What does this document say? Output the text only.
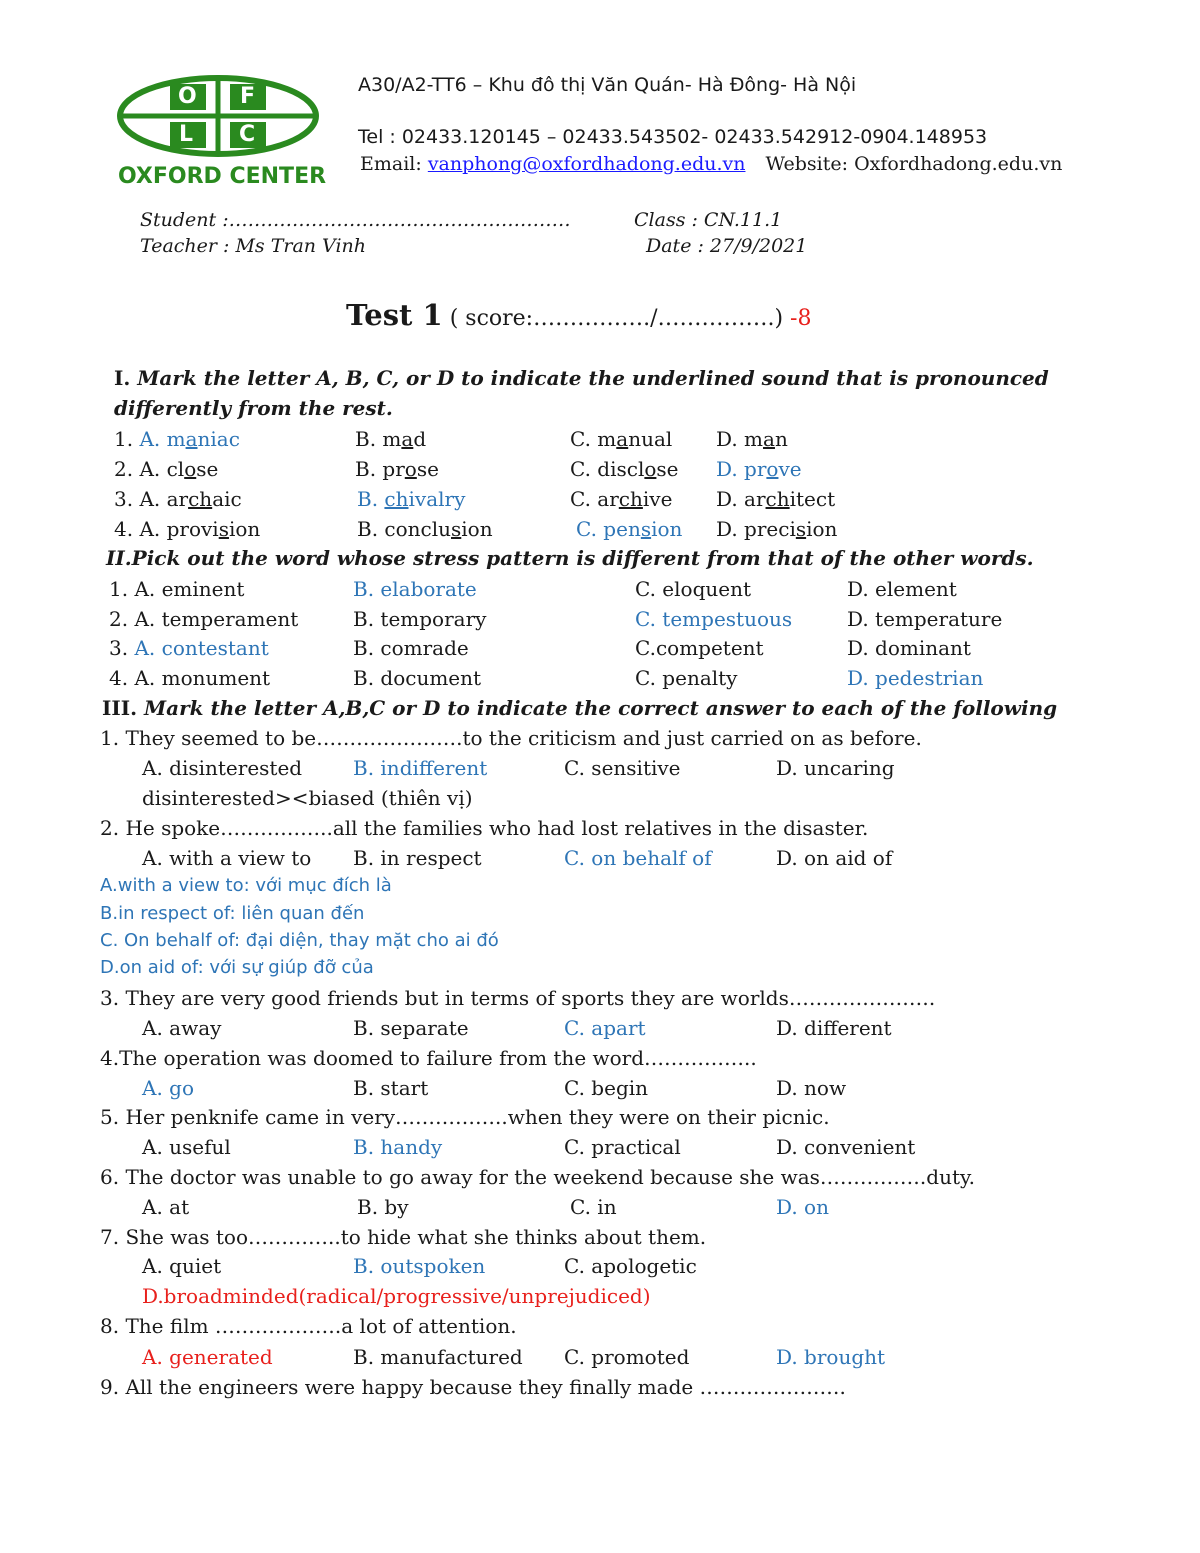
O F
L C
OXFORD CENTER
A30/A2-TT6 – Khu đô thị Văn Quán- Hà Đông- Hà Nội
Tel : 02433.120145 – 02433.543502- 02433.542912-0904.148953
Email: vanphong@oxfordhadong.edu.vn Website: Oxfordhadong.edu.vn
Student :………………………………………………	Class : CN.11.1
Teacher : Ms Tran Vinh	Date : 27/9/2021
Test 1 ( score:……………./…………….) -8
I. Mark the letter A, B, C, or D to indicate the underlined sound that is pronounced
differently from the rest.
1. A. maniac	B. mad	C. manual D. man
2. A. close	B. prose	C. disclose D. prove
3. A. archaic	B. chivalry	C. archive D. architect
4. A. provision	B. conclusion	C. pension D. precision
II.Pick out the word whose stress pattern is different from that of the other words.
1. A. eminent	B. elaborate	C. eloquent	D. element
2. A. temperament	B. temporary	C. tempestuous	D. temperature
3. A. contestant	B. comrade	C.competent	D. dominant
4. A. monument	B. document	C. penalty	D. pedestrian
III. Mark the letter A,B,C or D to indicate the correct answer to each of the following
1. They seemed to be………………….to the criticism and just carried on as before.
A. disinterested	B. indifferent	C. sensitive	D. uncaring
disinterested><biased (thiên vị)
2. He spoke……………..all the families who had lost relatives in the disaster.
A. with a view to B. in respect	C. on behalf of	D. on aid of
A.with a view to: với mục đích là
B.in respect of: liên quan đến
C. On behalf of: đại diện, thay mặt cho ai đó
D.on aid of: với sự giúp đỡ của
3. They are very good friends but in terms of sports they are worlds………………….
A. away	B. separate	C. apart	D. different
4.The operation was doomed to failure from the word……………..
A. go	B. start	C. begin	D. now
5. Her penknife came in very……………..when they were on their picnic.
A. useful	B. handy	C. practical	D. convenient
6. The doctor was unable to go away for the weekend because she was…………….duty.
A. at	B. by	C. in	D. on
7. She was too…………..to hide what she thinks about them.
A. quiet	B. outspoken	C. apologetic
D.broadminded(radical/progressive/unprejudiced)
8. The film ……………….a lot of attention.
A. generated	B. manufactured C. promoted	D. brought
9. All the engineers were happy because they finally made ………………….
